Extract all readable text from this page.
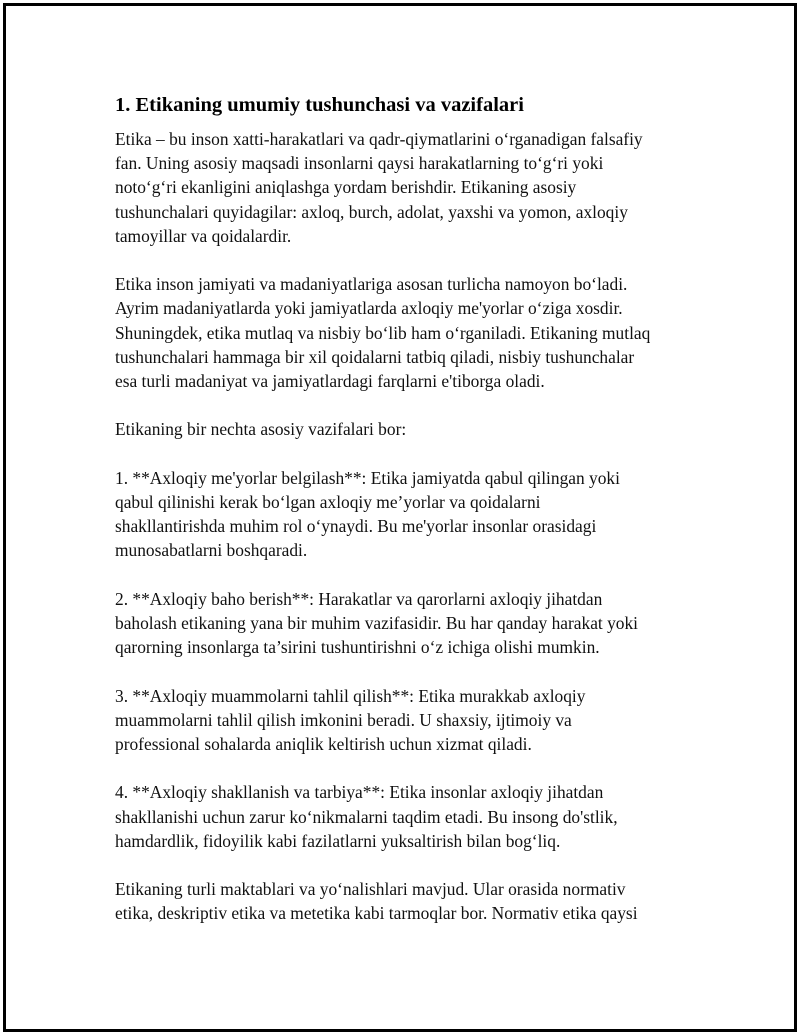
1. Etikaning umumiy tushunchasi va vazifalari

Etika – bu inson xatti-harakatlari va qadr-qiymatlarini oʻrganadigan falsafiy
fan. Uning asosiy maqsadi insonlarni qaysi harakatlarning toʻgʻri yoki
notoʻgʻri ekanligini aniqlashga yordam berishdir. Etikaning asosiy
tushunchalari quyidagilar: axloq, burch, adolat, yaxshi va yomon, axloqiy
tamoyillar va qoidalardir.

Etika inson jamiyati va madaniyatlariga asosan turlicha namoyon boʻladi.
Ayrim madaniyatlarda yoki jamiyatlarda axloqiy me'yorlar oʻziga xosdir.
Shuningdek, etika mutlaq va nisbiy boʻlib ham oʻrganiladi. Etikaning mutlaq
tushunchalari hammaga bir xil qoidalarni tatbiq qiladi, nisbiy tushunchalar
esa turli madaniyat va jamiyatlardagi farqlarni e'tiborga oladi.

Etikaning bir nechta asosiy vazifalari bor:

1. **Axloqiy me'yorlar belgilash**: Etika jamiyatda qabul qilingan yoki
qabul qilinishi kerak boʻlgan axloqiy me’yorlar va qoidalarni
shakllantirishda muhim rol oʻynaydi. Bu me'yorlar insonlar orasidagi
munosabatlarni boshqaradi.

2. **Axloqiy baho berish**: Harakatlar va qarorlarni axloqiy jihatdan
baholash etikaning yana bir muhim vazifasidir. Bu har qanday harakat yoki
qarorning insonlarga ta’sirini tushuntirishni oʻz ichiga olishi mumkin.

3. **Axloqiy muammolarni tahlil qilish**: Etika murakkab axloqiy
muammolarni tahlil qilish imkonini beradi. U shaxsiy, ijtimoiy va
professional sohalarda aniqlik keltirish uchun xizmat qiladi.

4. **Axloqiy shakllanish va tarbiya**: Etika insonlar axloqiy jihatdan
shakllanishi uchun zarur koʻnikmalarni taqdim etadi. Bu insong do'stlik,
hamdardlik, fidoyilik kabi fazilatlarni yuksaltirish bilan bogʻliq.

Etikaning turli maktablari va yoʻnalishlari mavjud. Ular orasida normativ
etika, deskriptiv etika va metetika kabi tarmoqlar bor. Normativ etika qaysi
